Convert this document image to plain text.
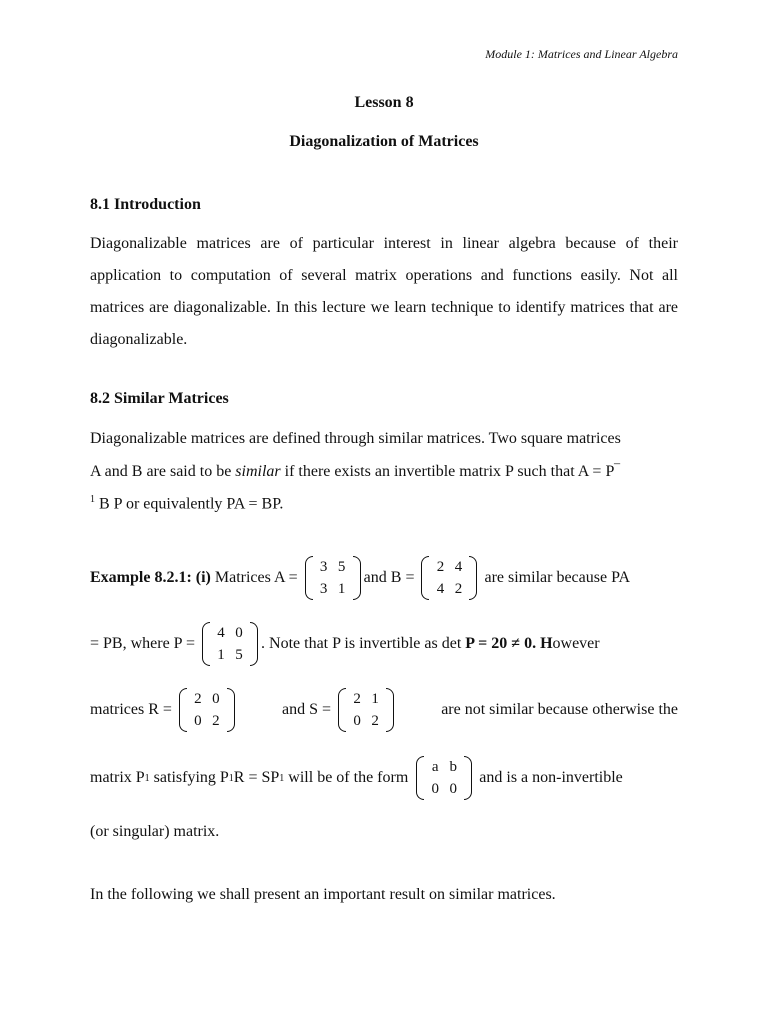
Module 1: Matrices and Linear Algebra
Lesson 8
Diagonalization of Matrices
8.1 Introduction
Diagonalizable matrices are of particular interest in linear algebra because of their application to computation of several matrix operations and functions easily. Not all matrices are diagonalizable. In this lecture we learn technique to identify matrices that are diagonalizable.
8.2 Similar Matrices
Diagonalizable matrices are defined through similar matrices. Two square matrices
A and B are said to be similar if there exists an invertible matrix P such that A = P‾
$^1$ B P or equivalently PA = BP.
Example 8.2.1: (i) Matrices A =
3 5
3 1
and B =
2 4
4 2
are similar because PA
= PB, where P =
4 0
1 5
. Note that P is invertible as det P = 20 ≠ 0. H owever
matrices R =
2 0
0 2
and S =
2 1
0 2
are not similar because otherwise the
matrix P 1 satisfying P 1 R = SP 1 will be of the form
a b
0 0
and is a non-invertible
(or singular) matrix.
In the following we shall present an important result on similar matrices.
